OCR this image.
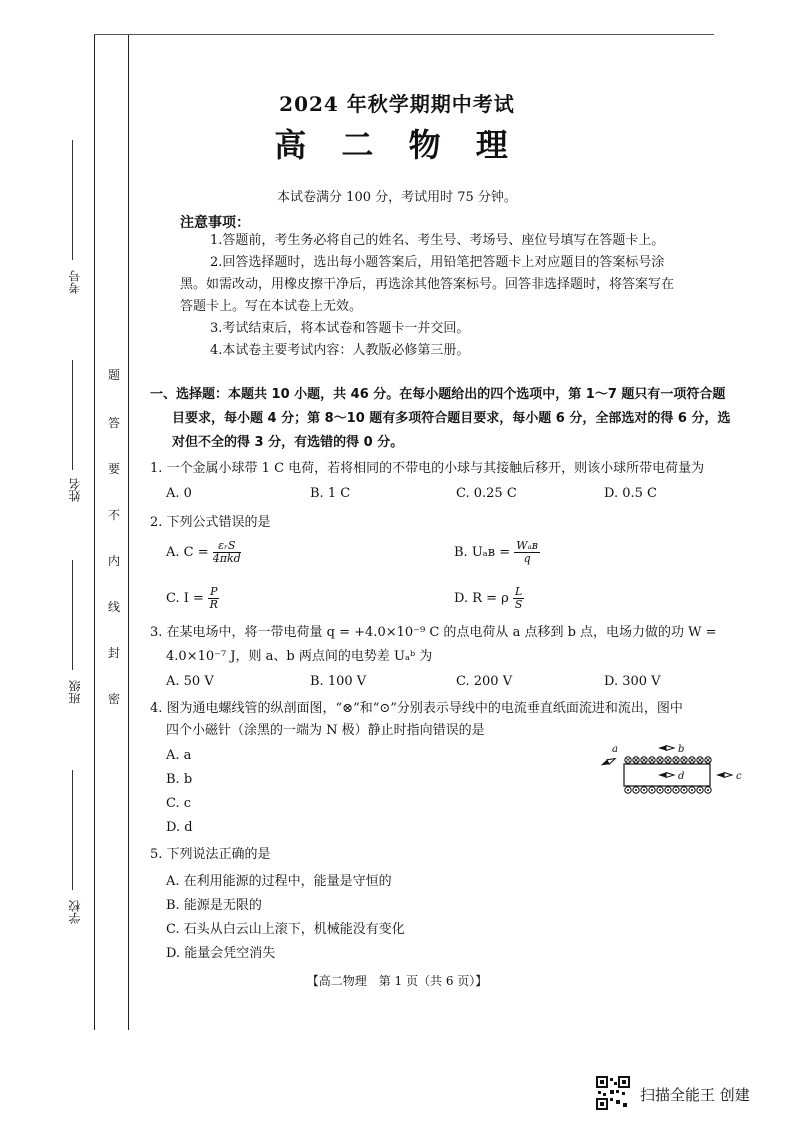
考号
姓名
班级
学校
题
答
要
不
内
线
封
密
2024 年秋学期期中考试
高 二 物 理
本试卷满分 100 分，考试用时 75 分钟。
注意事项：
1.答题前，考生务必将自己的姓名、考生号、考场号、座位号填写在答题卡上。
2.回答选择题时，选出每小题答案后，用铅笔把答题卡上对应题目的答案标号涂
黑。如需改动，用橡皮擦干净后，再选涂其他答案标号。回答非选择题时，将答案写在
答题卡上。写在本试卷上无效。
3.考试结束后，将本试卷和答题卡一并交回。
4.本试卷主要考试内容：人教版必修第三册。
一、选择题：本题共 10 小题，共 46 分。在每小题给出的四个选项中，第 1～7 题只有一项符合题
目要求，每小题 4 分；第 8～10 题有多项符合题目要求，每小题 6 分，全部选对的得 6 分，选
对但不全的得 3 分，有选错的得 0 分。
1. 一个金属小球带 1 C 电荷，若将相同的不带电的小球与其接触后移开，则该小球所带电荷量为
A. 0	B. 1 C	C. 0.25 C	D. 0.5 C
2. 下列公式错误的是
A. $C = \frac{\text{εᵣS}}{\text{4πkd}}$	B. Uₐʙ = $\frac{\text{Wₐʙ}}{q}$
C. $I = \frac{P}{R}$	D. R = ρ $\frac{L}{S}$
3. 在某电场中，将一带电荷量 q = +4.0×10⁻⁹ C 的点电荷从 a 点移到 b 点，电场力做的功 W =
4.0×10⁻⁷ J，则 a、b 两点间的电势差 Uₐᵇ 为
A. 50 V	B. 100 V	C. 200 V	D. 300 V
4. 图为通电螺线管的纵剖面图，“⊗”和“⊙”分别表示导线中的电流垂直纸面流进和流出，图中
四个小磁针（涂黑的一端为 N 极）静止时指向错误的是
A. a
B. b
C. c
D. d
a	b
d	c
5. 下列说法正确的是
A. 在利用能源的过程中，能量是守恒的
B. 能源是无限的
C. 石头从白云山上滚下，机械能没有变化
D. 能量会凭空消失
【高二物理　第 1 页（共 6 页）】
扫描全能王 创建
